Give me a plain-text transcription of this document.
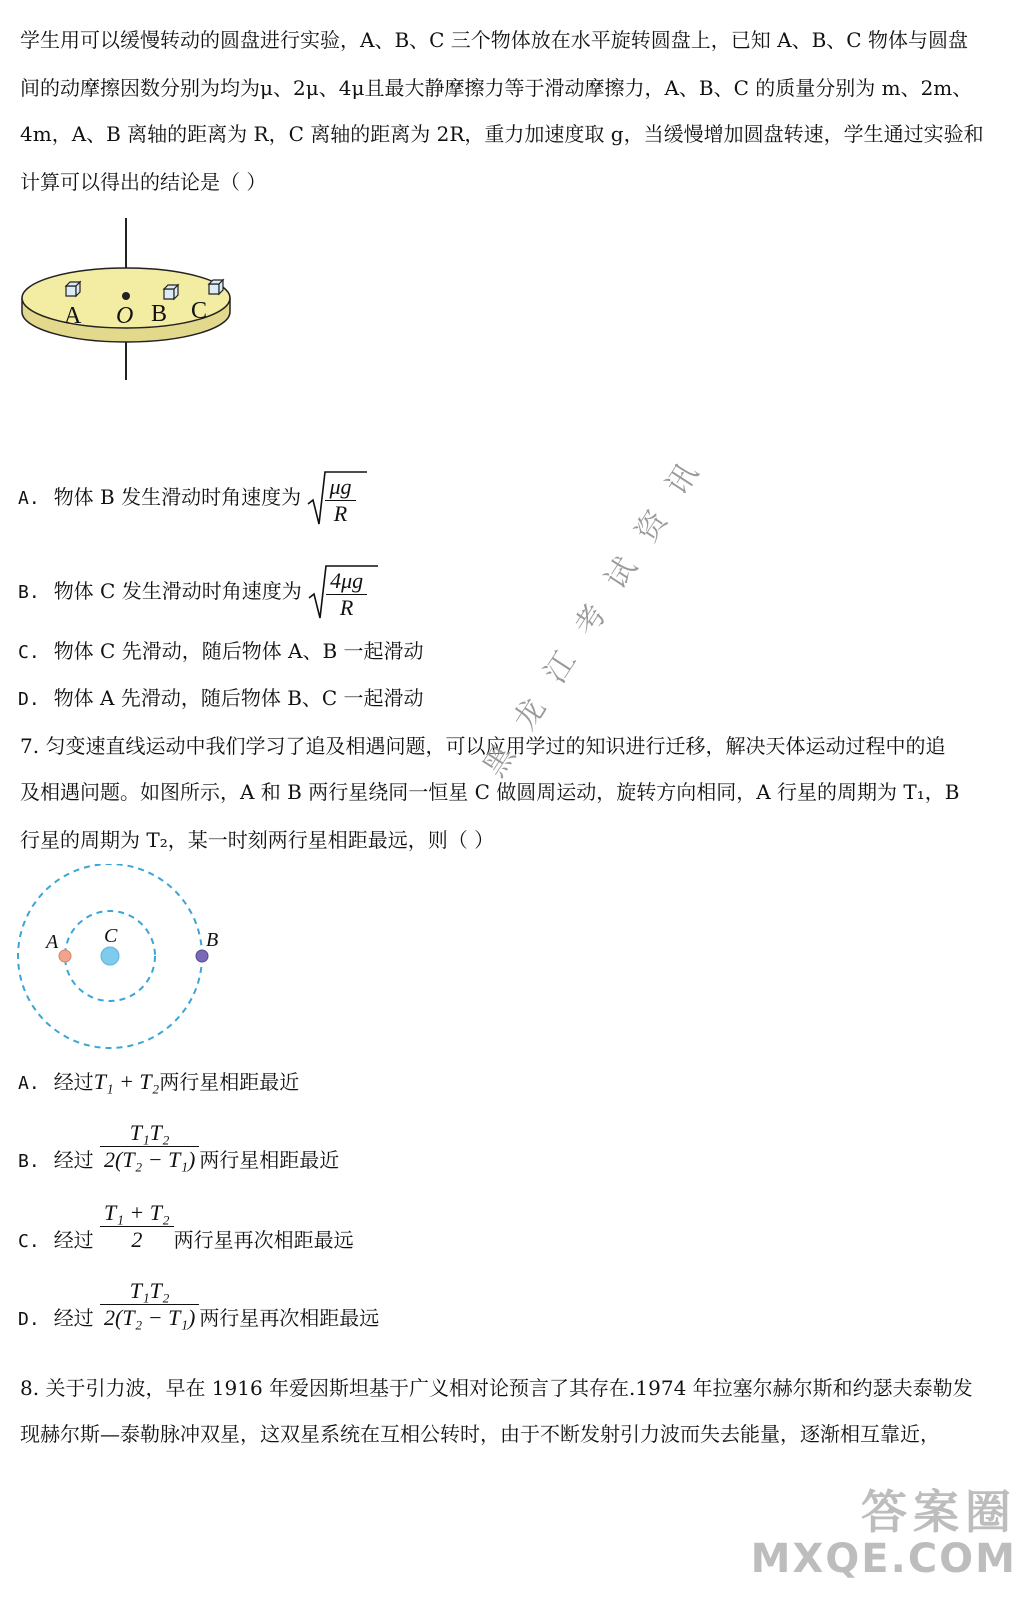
学生用可以缓慢转动的圆盘进行实验，A、B、C 三个物体放在水平旋转圆盘上，已知 A、B、C 物体与圆盘
间的动摩擦因数分别为均为μ、2μ、4μ且最大静摩擦力等于滑动摩擦力，A、B、C 的质量分别为 m、2m、
4m，A、B 离轴的距离为 R，C 离轴的距离为 2R，重力加速度取 g，当缓慢增加圆盘转速，学生通过实验和
计算可以得出的结论是（ ）
A O B C
A. 物体 B 发生滑动时角速度为 $\frac{\mu g}{R}$
B. 物体 C 发生滑动时角速度为 $\frac{4\mu g}{R}$
C. 物体 C 先滑动，随后物体 A、B 一起滑动
D. 物体 A 先滑动，随后物体 B、C 一起滑动
7. 匀变速直线运动中我们学习了追及相遇问题，可以应用学过的知识进行迁移，解决天体运动过程中的追
及相遇问题。如图所示，A 和 B 两行星绕同一恒星 C 做圆周运动，旋转方向相同，A 行星的周期为 T₁，B
行星的周期为 T₂，某一时刻两行星相距最远，则（ ）
A C	B
A. 经过T₁ + T₂两行星相距最近
B. 经过 $\frac{\text{T₁T₂}}{\text{2(T₂ − T₁)}}$ 两行星相距最近
C. 经过 $\frac{\text{T₁ + T₂}}{2}$ 两行星再次相距最远
D. 经过 $\frac{\text{T₁T₂}}{\text{2(T₂ − T₁)}}$ 两行星再次相距最远
8. 关于引力波，早在 1916 年爱因斯坦基于广义相对论预言了其存在.1974 年拉塞尔赫尔斯和约瑟夫泰勒发
现赫尔斯—泰勒脉冲双星，这双星系统在互相公转时，由于不断发射引力波而失去能量，逐渐相互靠近，
黑龙江考试资讯
答案圈
MXQE.COM
